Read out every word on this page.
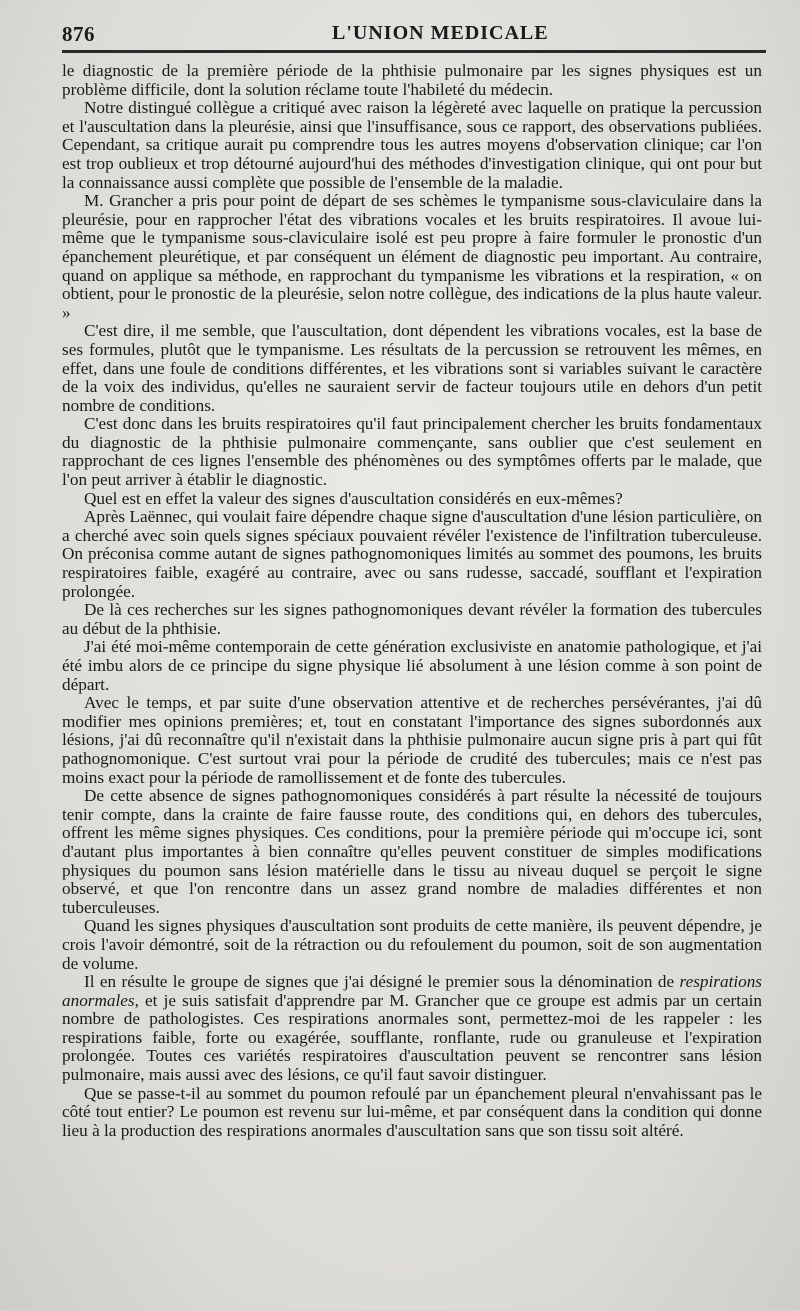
876	L'UNION MEDICALE

le diagnostic de la première période de la phthisie pulmonaire par les signes physiques est un problème difficile, dont la solution réclame toute l'habileté du médecin.

Notre distingué collègue a critiqué avec raison la légèreté avec laquelle on pratique la percussion et l'auscultation dans la pleurésie, ainsi que l'insuffisance, sous ce rapport, des observations publiées. Cependant, sa critique aurait pu comprendre tous les autres moyens d'observation clinique; car l'on est trop oublieux et trop détourné aujourd'hui des méthodes d'investigation clinique, qui ont pour but la connaissance aussi complète que possible de l'ensemble de la maladie.

M. Grancher a pris pour point de départ de ses schèmes le tympanisme sous-claviculaire dans la pleurésie, pour en rapprocher l'état des vibrations vocales et les bruits respiratoires. Il avoue lui-même que le tympanisme sous-claviculaire isolé est peu propre à faire formuler le pronostic d'un épanchement pleurétique, et par conséquent un élément de diagnostic peu important. Au contraire, quand on applique sa méthode, en rapprochant du tympanisme les vibrations et la respiration, « on obtient, pour le pronostic de la pleurésie, selon notre collègue, des indications de la plus haute valeur. »

C'est dire, il me semble, que l'auscultation, dont dépendent les vibrations vocales, est la base de ses formules, plutôt que le tympanisme. Les résultats de la percussion se retrouvent les mêmes, en effet, dans une foule de conditions différentes, et les vibrations sont si variables suivant le caractère de la voix des individus, qu'elles ne sauraient servir de facteur toujours utile en dehors d'un petit nombre de conditions.

C'est donc dans les bruits respiratoires qu'il faut principalement chercher les bruits fondamentaux du diagnostic de la phthisie pulmonaire commençante, sans oublier que c'est seulement en rapprochant de ces lignes l'ensemble des phénomènes ou des symptômes offerts par le malade, que l'on peut arriver à établir le diagnostic.

Quel est en effet la valeur des signes d'auscultation considérés en eux-mêmes?

Après Laënnec, qui voulait faire dépendre chaque signe d'auscultation d'une lésion particulière, on a cherché avec soin quels signes spéciaux pouvaient révéler l'existence de l'infiltration tuberculeuse. On préconisa comme autant de signes pathognomoniques limités au sommet des poumons, les bruits respiratoires faible, exagéré au contraire, avec ou sans rudesse, saccadé, soufflant et l'expiration prolongée.

De là ces recherches sur les signes pathognomoniques devant révéler la formation des tubercules au début de la phthisie.

J'ai été moi-même contemporain de cette génération exclusiviste en anatomie pathologique, et j'ai été imbu alors de ce principe du signe physique lié absolument à une lésion comme à son point de départ.

Avec le temps, et par suite d'une observation attentive et de recherches persévérantes, j'ai dû modifier mes opinions premières; et, tout en constatant l'importance des signes subordonnés aux lésions, j'ai dû reconnaître qu'il n'existait dans la phthisie pulmonaire aucun signe pris à part qui fût pathognomonique. C'est surtout vrai pour la période de crudité des tubercules; mais ce n'est pas moins exact pour la période de ramollissement et de fonte des tubercules.

De cette absence de signes pathognomoniques considérés à part résulte la nécessité de toujours tenir compte, dans la crainte de faire fausse route, des conditions qui, en dehors des tubercules, offrent les même signes physiques. Ces conditions, pour la première période qui m'occupe ici, sont d'autant plus importantes à bien connaître qu'elles peuvent constituer de simples modifications physiques du poumon sans lésion matérielle dans le tissu au niveau duquel se perçoit le signe observé, et que l'on rencontre dans un assez grand nombre de maladies différentes et non tuberculeuses.

Quand les signes physiques d'auscultation sont produits de cette manière, ils peuvent dépendre, je crois l'avoir démontré, soit de la rétraction ou du refoulement du poumon, soit de son augmentation de volume.

Il en résulte le groupe de signes que j'ai désigné le premier sous la dénomination de respirations anormales, et je suis satisfait d'apprendre par M. Grancher que ce groupe est admis par un certain nombre de pathologistes. Ces respirations anormales sont, permettez-moi de les rappeler : les respirations faible, forte ou exagérée, soufflante, ronflante, rude ou granuleuse et l'expiration prolongée. Toutes ces variétés respiratoires d'auscultation peuvent se rencontrer sans lésion pulmonaire, mais aussi avec des lésions, ce qu'il faut savoir distinguer.

Que se passe-t-il au sommet du poumon refoulé par un épanchement pleural n'envahissant pas le côté tout entier? Le poumon est revenu sur lui-même, et par conséquent dans la condition qui donne lieu à la production des respirations anormales d'auscultation sans que son tissu soit altéré.
